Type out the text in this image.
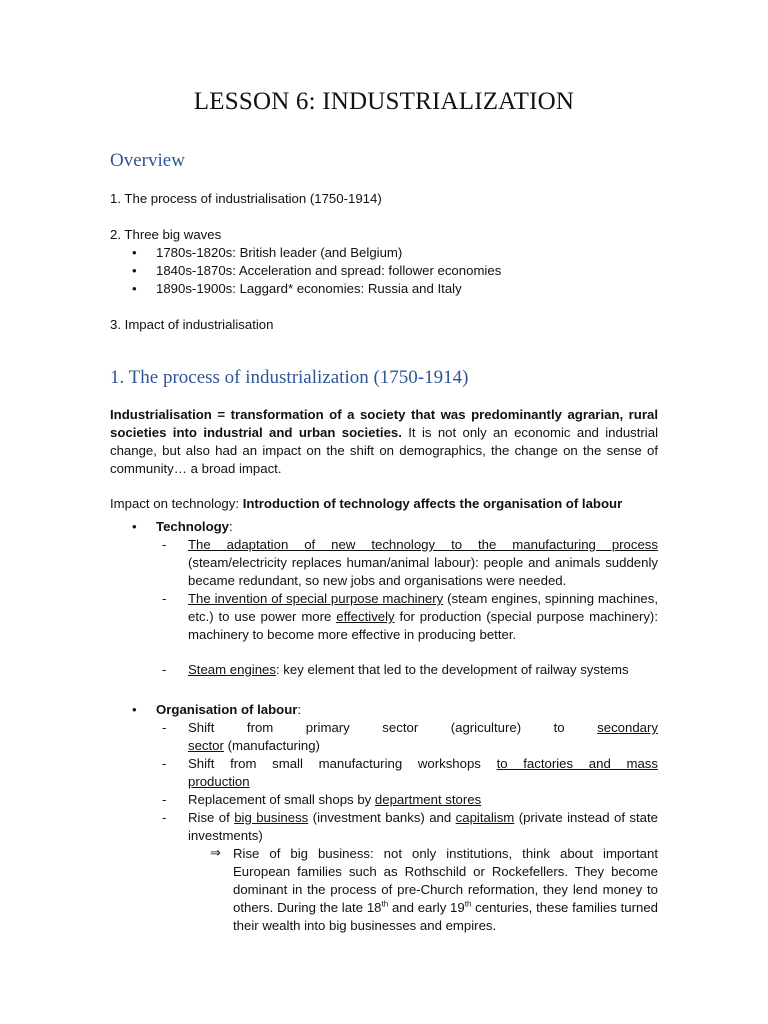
LESSON 6: INDUSTRIALIZATION
Overview
1. The process of industrialisation (1750-1914)
2. Three big waves
• 1780s-1820s: British leader (and Belgium)
• 1840s-1870s: Acceleration and spread: follower economies
• 1890s-1900s: Laggard* economies: Russia and Italy
3. Impact of industrialisation
1. The process of industrialization (1750-1914)
Industrialisation = transformation of a society that was predominantly agrarian, rural societies into industrial and urban societies. It is not only an economic and industrial change, but also had an impact on the shift on demographics, the change on the sense of community… a broad impact.
Impact on technology: Introduction of technology affects the organisation of labour
• Technology:
- The adaptation of new technology to the manufacturing process (steam/electricity replaces human/animal labour): people and animals suddenly became redundant, so new jobs and organisations were needed.
- The invention of special purpose machinery (steam engines, spinning machines, etc.) to use power more effectively for production (special purpose machinery): machinery to become more effective in producing better.
- Steam engines: key element that led to the development of railway systems
• Organisation of labour:
- Shift from primary sector (agriculture) to secondary sector (manufacturing)
- Shift from small manufacturing workshops to factories and mass production
- Replacement of small shops by department stores
- Rise of big business (investment banks) and capitalism (private instead of state investments)
⇒ Rise of big business: not only institutions, think about important European families such as Rothschild or Rockefellers. They become dominant in the process of pre-Church reformation, they lend money to others. During the late 18th and early 19th centuries, these families turned their wealth into big businesses and empires.
